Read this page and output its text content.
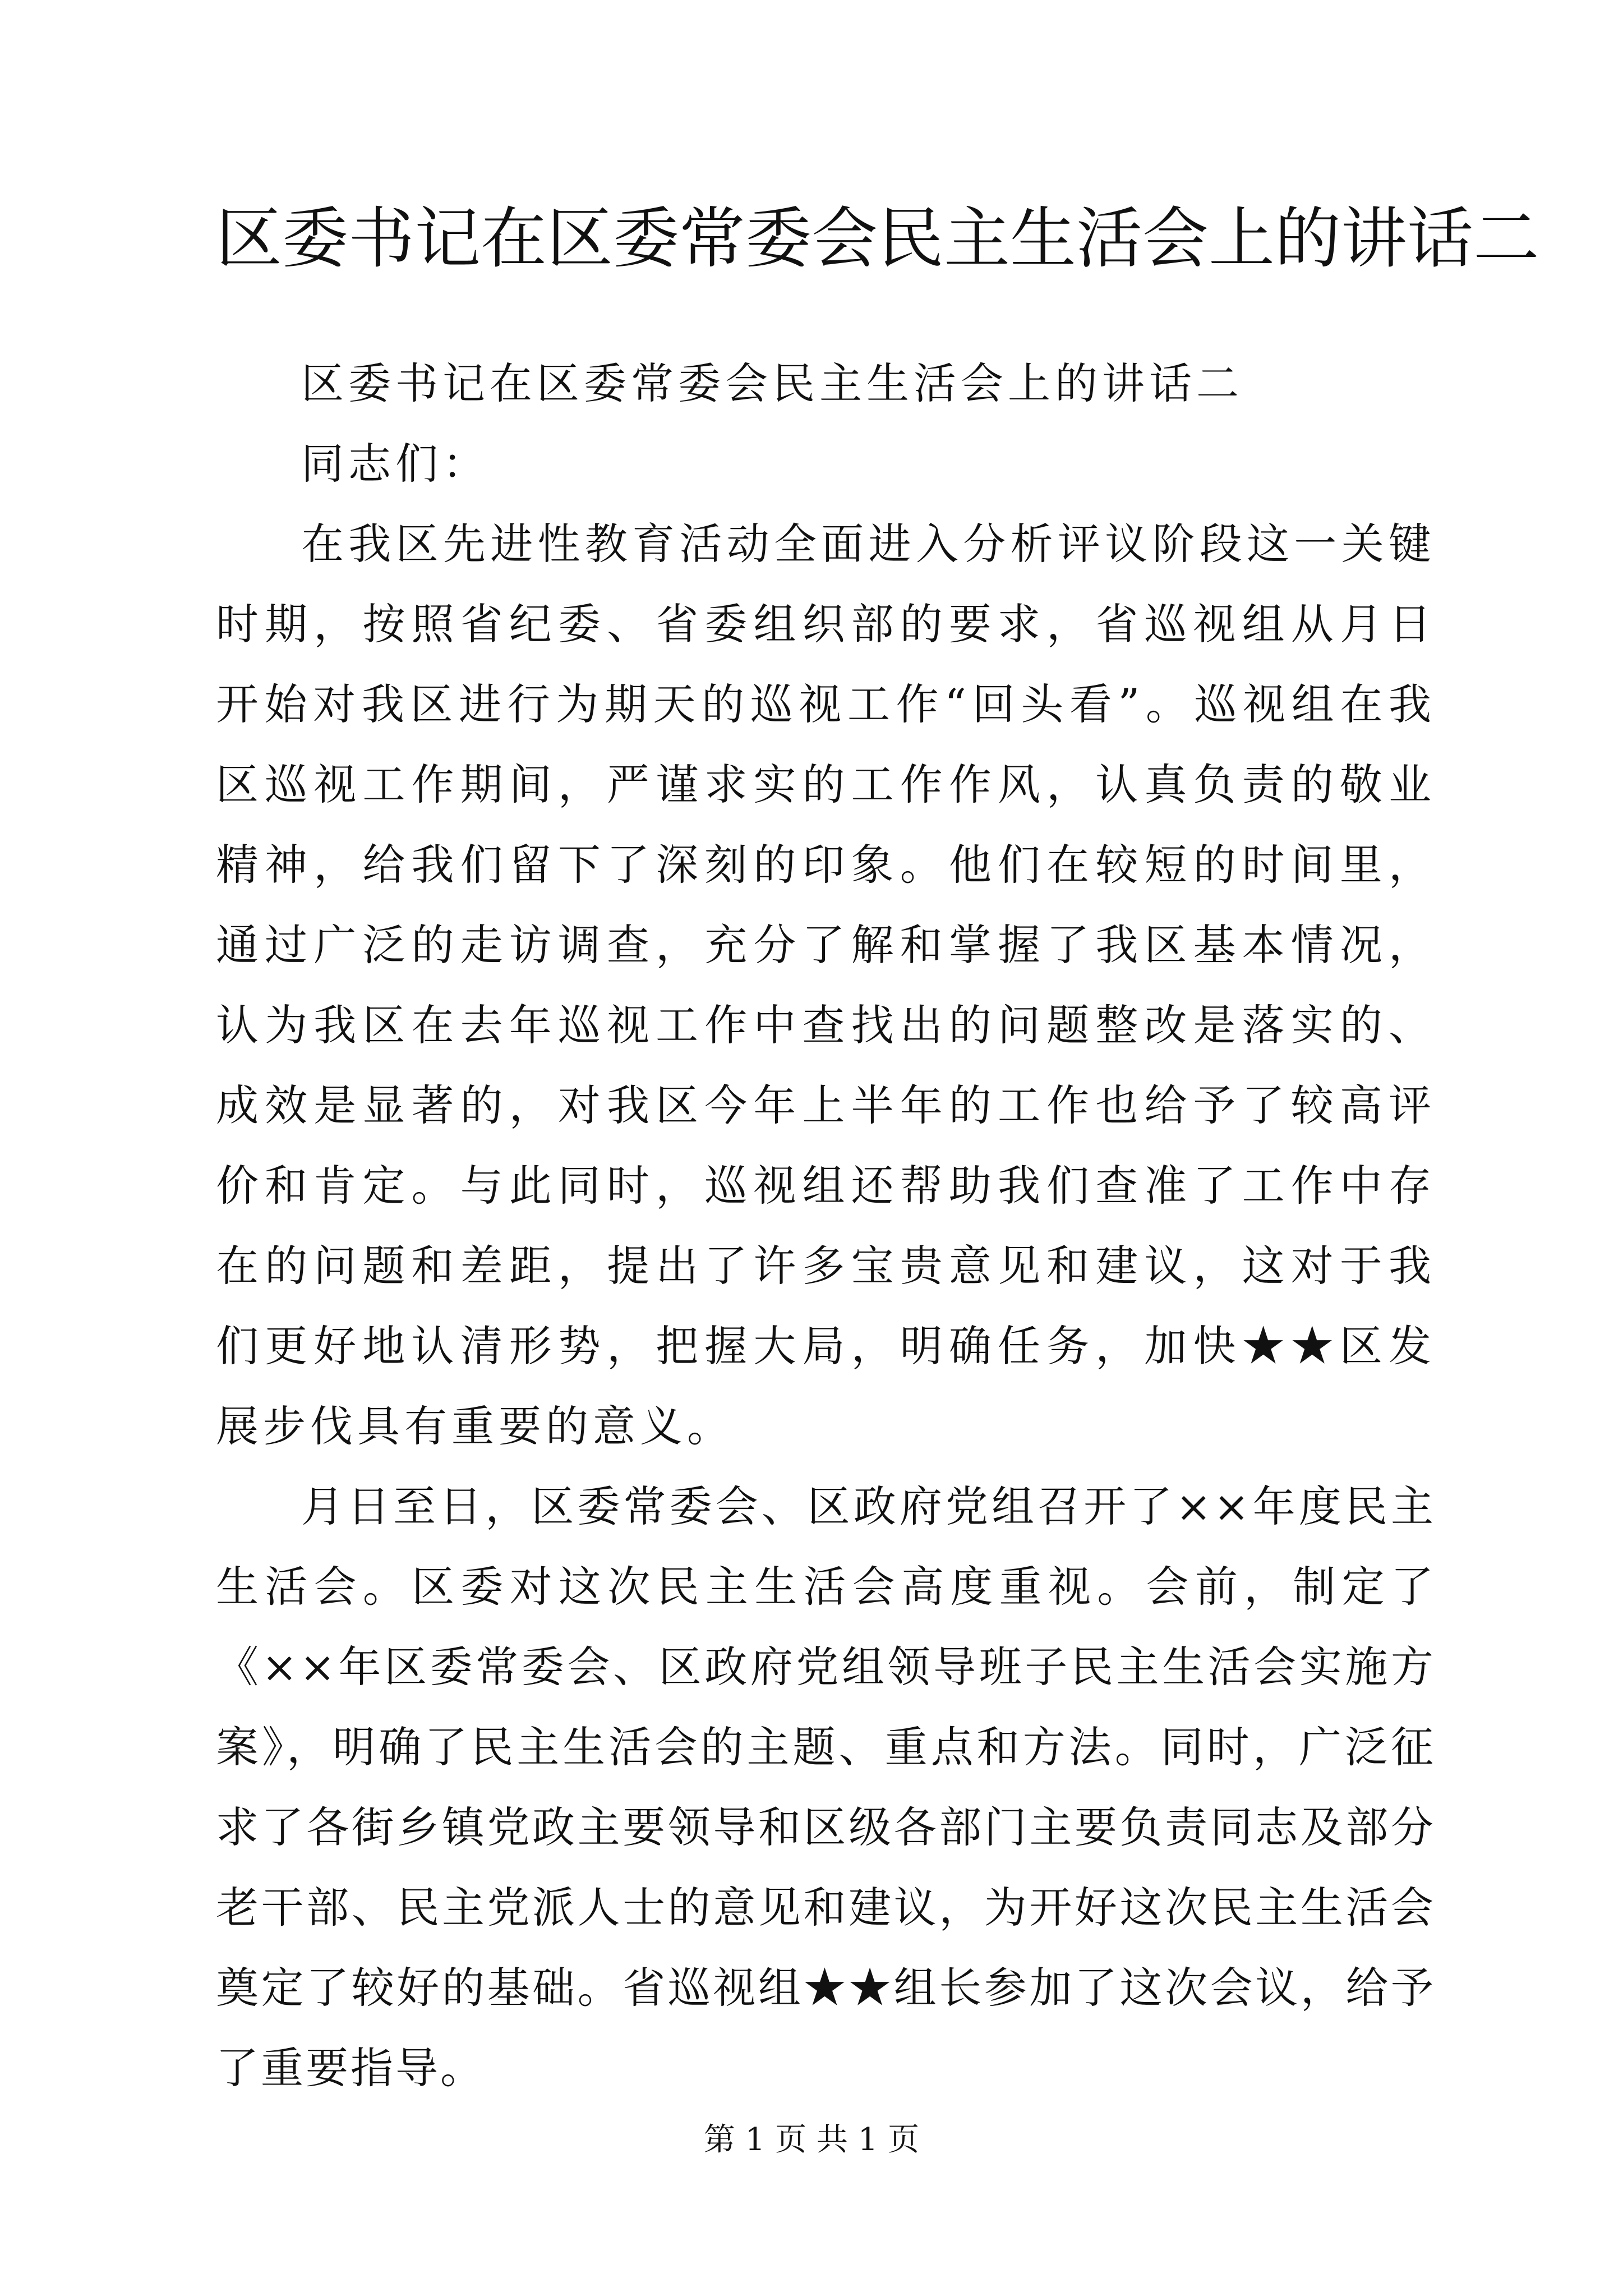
区委书记在区委常委会民主生活会上的讲话二

区委书记在区委常委会民主生活会上的讲话二

同志们：

在我区先进性教育活动全面进入分析评议阶段这一关键时期，按照省纪委、省委组织部的要求，省巡视组从月日开始对我区进行为期天的巡视工作“回头看”。巡视组在我区巡视工作期间，严谨求实的工作作风，认真负责的敬业精神，给我们留下了深刻的印象。他们在较短的时间里，通过广泛的走访调查，充分了解和掌握了我区基本情况，认为我区在去年巡视工作中查找出的问题整改是落实的、成效是显著的，对我区今年上半年的工作也给予了较高评价和肯定。与此同时，巡视组还帮助我们查准了工作中存在的问题和差距，提出了许多宝贵意见和建议，这对于我们更好地认清形势，把握大局，明确任务，加快★★区发展步伐具有重要的意义。

月日至日，区委常委会、区政府党组召开了××年度民主生活会。区委对这次民主生活会高度重视。会前，制定了《××年区委常委会、区政府党组领导班子民主生活会实施方案》，明确了民主生活会的主题、重点和方法。同时，广泛征求了各街乡镇党政主要领导和区级各部门主要负责同志及部分老干部、民主党派人士的意见和建议，为开好这次民主生活会奠定了较好的基础。省巡视组★★组长参加了这次会议，给予了重要指导。

第 1 页 共 1 页
